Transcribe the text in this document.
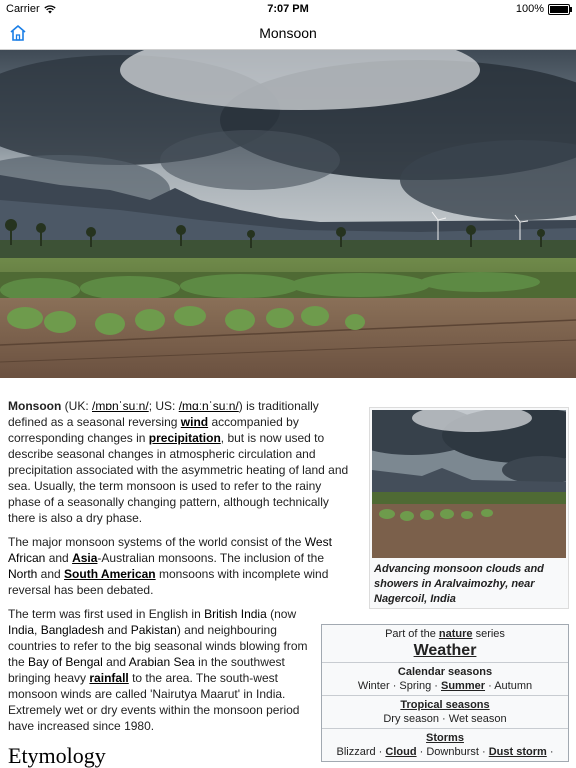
Carrier	7:07 PM	100%
Monsoon

Monsoon (UK: /mɒnˈsuːn/; US: /mɑːnˈsuːn/) is traditionally defined as a seasonal reversing wind accompanied by corresponding changes in precipitation, but is now used to describe seasonal changes in atmospheric circulation and precipitation associated with the asymmetric heating of land and sea. Usually, the term monsoon is used to refer to the rainy phase of a seasonally changing pattern, although technically there is also a dry phase.

The major monsoon systems of the world consist of the West African and Asia-Australian monsoons. The inclusion of the North and South American monsoons with incomplete wind reversal has been debated.

The term was first used in English in British India (now India, Bangladesh and Pakistan) and neighbouring countries to refer to the big seasonal winds blowing from the Bay of Bengal and Arabian Sea in the southwest bringing heavy rainfall to the area. The south-west monsoon winds are called 'Nairutya Maarut' in India. Extremely wet or dry events within the monsoon period have increased since 1980.

Etymology
Advancing monsoon clouds and showers in Aralvaimozhy, near Nagercoil, India
Part of the nature series
Weather
Calendar seasons
Winter · Spring · Summer · Autumn
Tropical seasons
Dry season · Wet season
Storms
Blizzard · Cloud · Downburst · Dust storm ·
